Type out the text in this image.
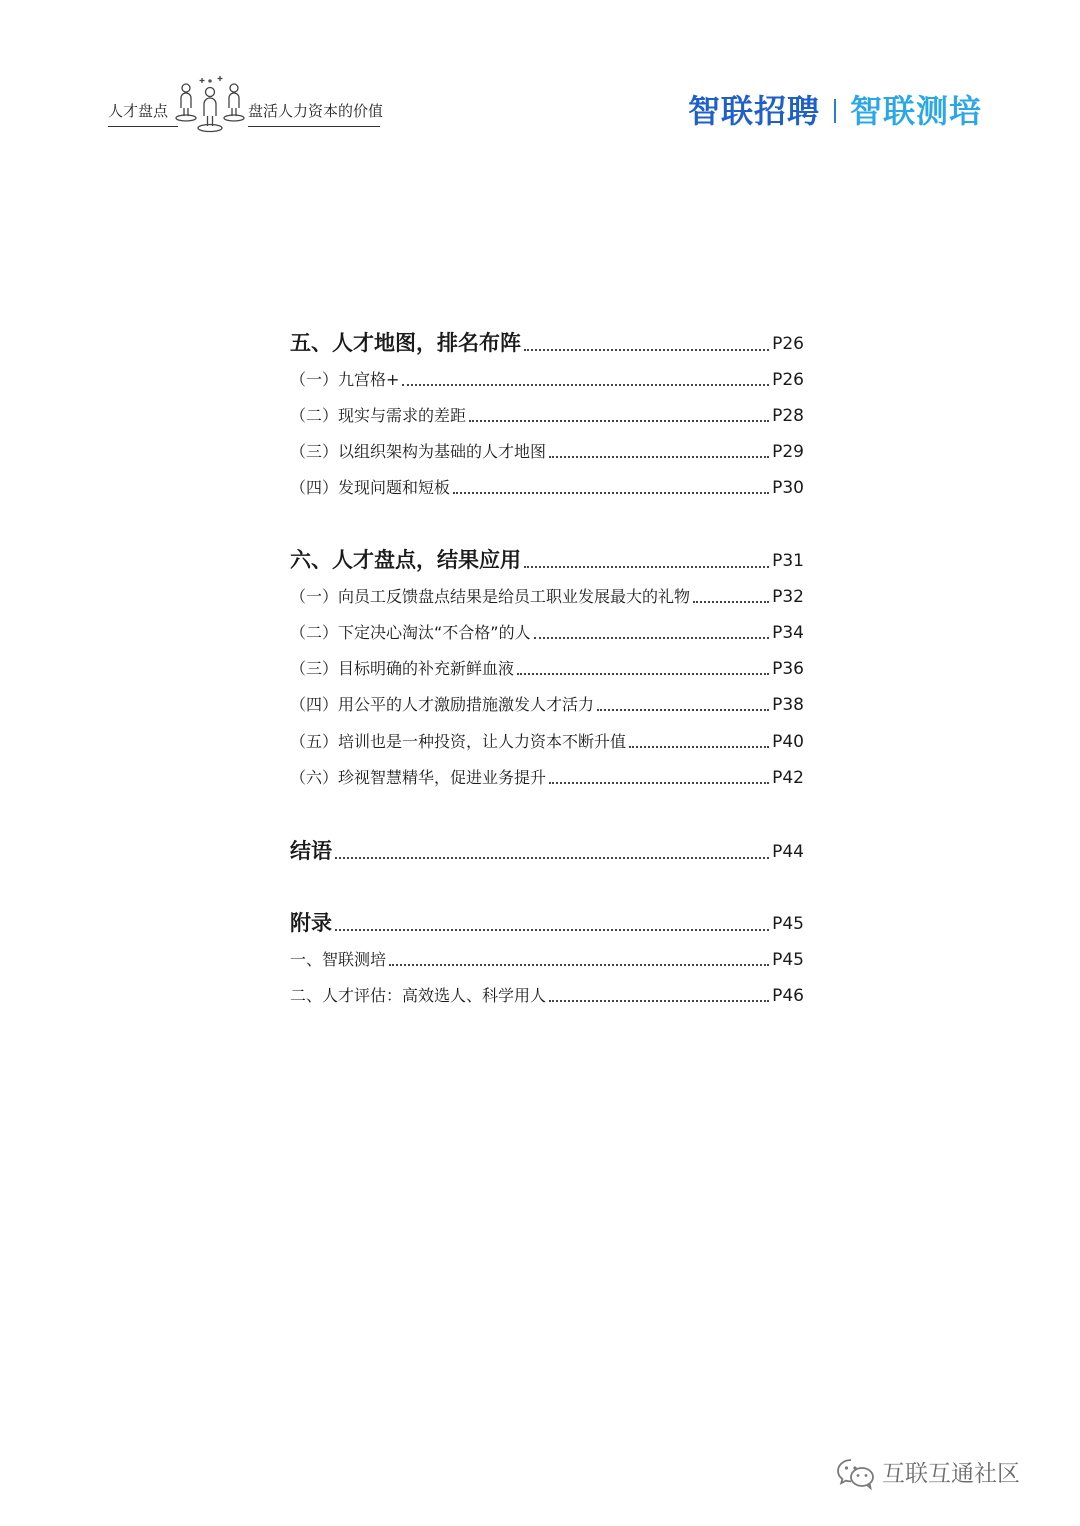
人才盘点	盘活人力资本的价值	智联招聘 智联测培
五、人才地图，排名布阵	P26
（一）九宫格+	P26
（二）现实与需求的差距	P28
（三）以组织架构为基础的人才地图	P29
（四）发现问题和短板	P30
六、人才盘点，结果应用	P31
（一）向员工反馈盘点结果是给员工职业发展最大的礼物	P32
（二）下定决心淘汰“不合格”的人	P34
（三）目标明确的补充新鲜血液	P36
（四）用公平的人才激励措施激发人才活力	P38
（五）培训也是一种投资，让人力资本不断升值	P40
（六）珍视智慧精华，促进业务提升	P42
结语	P44
附录	P45
一、智联测培	P45
二、人才评估：高效选人、科学用人	P46
互联互通社区
